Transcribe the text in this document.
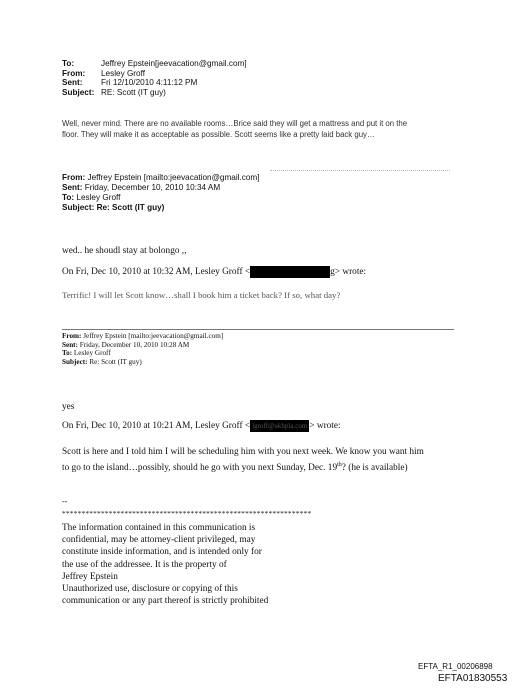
To:	Jeffrey Epstein[jeevacation@gmail.com]
From:	Lesley Groff
Sent:	Fri 12/10/2010 4:11:12 PM
Subject: RE: Scott (IT guy)
Well, never mind. There are no available rooms…Brice said they will get a mattress and put it on the
floor. They will make it as acceptable as possible. Scott seems like a pretty laid back guy…
From: Jeffrey Epstein [mailto:jeevacation@gmail.com]
Sent: Friday, December 10, 2010 10:34 AM
To: Lesley Groff
Subject: Re: Scott (IT guy)
wed.. he shoudl stay at bolongo ,,
On Fri, Dec 10, 2010 at 10:32 AM, Lesley Groff <	g> wrote:
Terrific! I will let Scott know…shall I book him a ticket back? If so, what day?
From: Jeffrey Epstein [mailto:jeevacation@gmail.com]
Sent: Friday, December 10, 2010 10:28 AM
To: Lesley Groff
Subject: Re: Scott (IT guy)
yes
On Fri, Dec 10, 2010 at 10:21 AM, Lesley Groff < lgroff@ukhpla.com > wrote:
Scott is here and I told him I will be scheduling him with you next week. We know you want him
to go to the island…possibly, should he go with you next Sunday, Dec. 19th? (he is available)
--
****************************************************************
The information contained in this communication is
confidential, may be attorney-client privileged, may
constitute inside information, and is intended only for
the use of the addressee. It is the property of
Jeffrey Epstein
Unauthorized use, disclosure or copying of this
communication or any part thereof is strictly prohibited
EFTA_R1_00206898
EFTA01830553
